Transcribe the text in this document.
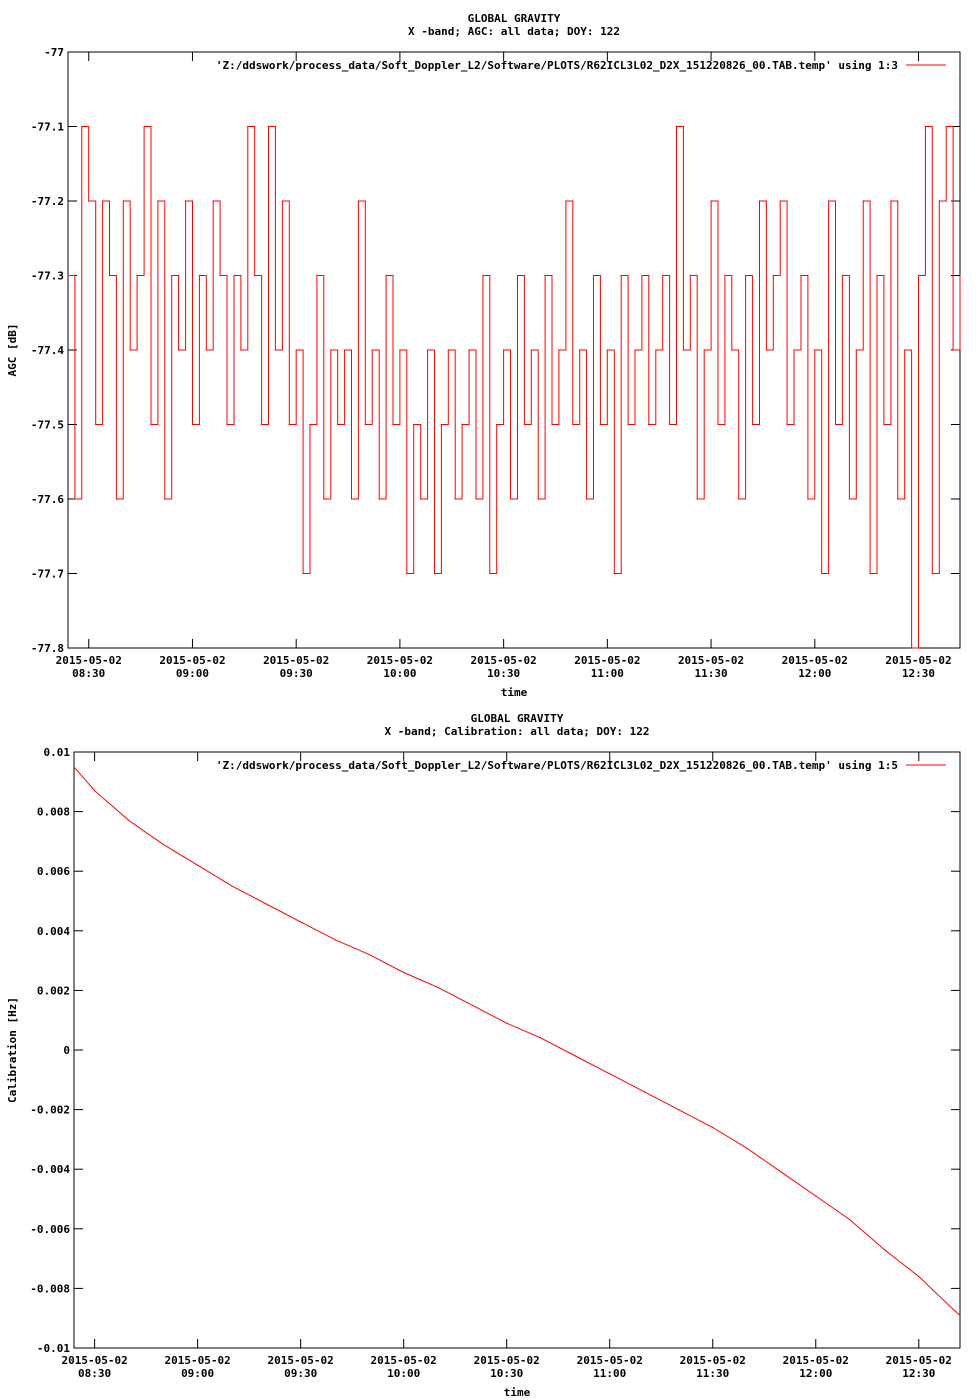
GLOBAL GRAVITY
X -band; AGC: all data; DOY: 122
-77
-77.1
-77.2
-77.3
-77.4
-77.5
-77.6
-77.7
-77.8
2015-05-02
08:30
2015-05-02
09:00
2015-05-02
09:30
2015-05-02
10:00
2015-05-02
10:30
2015-05-02
11:00
2015-05-02
11:30
2015-05-02
12:00
2015-05-02
12:30
time
AGC [dB]
'Z:/ddswork/process_data/Soft_Doppler_L2/Software/PLOTS/R62ICL3L02_D2X_151220826_00.TAB.temp' using 1:3
GLOBAL GRAVITY
X -band; Calibration: all data; DOY: 122
0.01
0.008
0.006
0.004
0.002
0
-0.002
-0.004
-0.006
-0.008
-0.01
2015-05-02
08:30
2015-05-02
09:00
2015-05-02
09:30
2015-05-02
10:00
2015-05-02
10:30
2015-05-02
11:00
2015-05-02
11:30
2015-05-02
12:00
2015-05-02
12:30
time
Calibration [Hz]
'Z:/ddswork/process_data/Soft_Doppler_L2/Software/PLOTS/R62ICL3L02_D2X_151220826_00.TAB.temp' using 1:5
